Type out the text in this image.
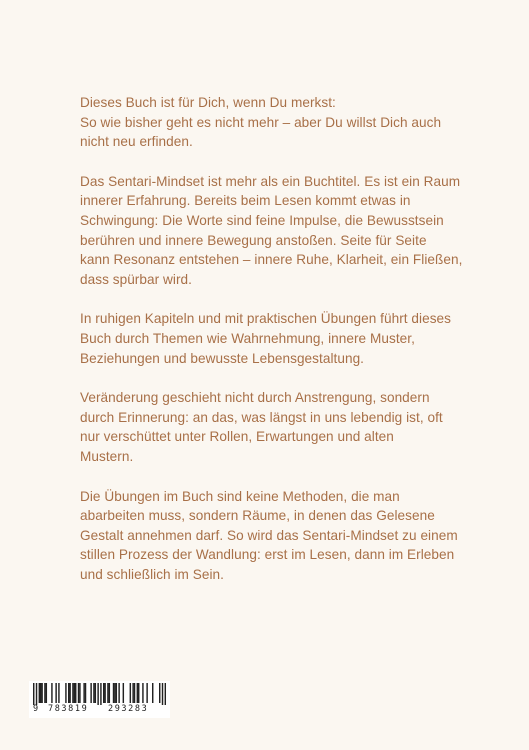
Dieses Buch ist für Dich, wenn Du merkst:
So wie bisher geht es nicht mehr – aber Du willst Dich auch
nicht neu erfinden.

Das Sentari-Mindset ist mehr als ein Buchtitel. Es ist ein Raum
innerer Erfahrung. Bereits beim Lesen kommt etwas in
Schwingung: Die Worte sind feine Impulse, die Bewusstsein
berühren und innere Bewegung anstoßen. Seite für Seite
kann Resonanz entstehen – innere Ruhe, Klarheit, ein Fließen,
dass spürbar wird.

In ruhigen Kapiteln und mit praktischen Übungen führt dieses
Buch durch Themen wie Wahrnehmung, innere Muster,
Beziehungen und bewusste Lebensgestaltung.

Veränderung geschieht nicht durch Anstrengung, sondern
durch Erinnerung: an das, was längst in uns lebendig ist, oft
nur verschüttet unter Rollen, Erwartungen und alten
Mustern.

Die Übungen im Buch sind keine Methoden, die man
abarbeiten muss, sondern Räume, in denen das Gelesene
Gestalt annehmen darf. So wird das Sentari-Mindset zu einem
stillen Prozess der Wandlung: erst im Lesen, dann im Erleben
und schließlich im Sein.

9 783819 293283
